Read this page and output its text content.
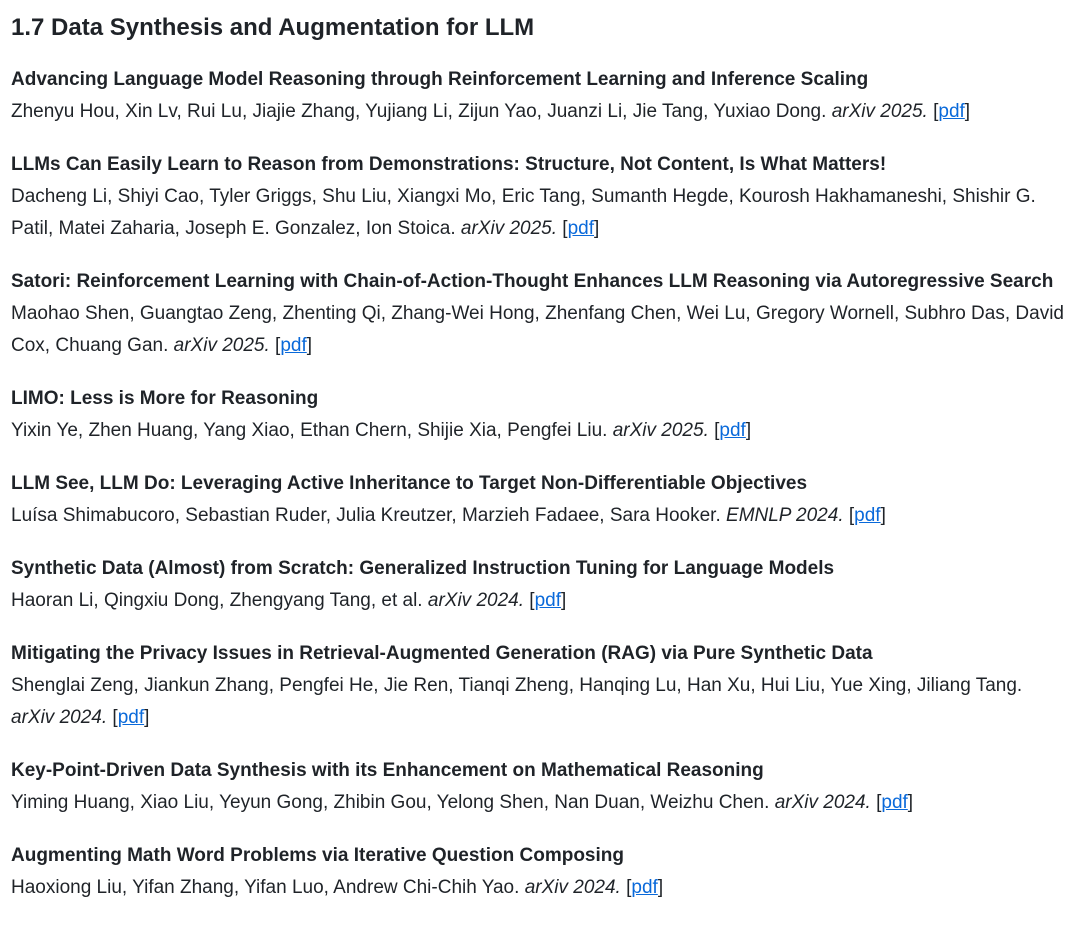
1.7 Data Synthesis and Augmentation for LLM
Advancing Language Model Reasoning through Reinforcement Learning and Inference Scaling
Zhenyu Hou, Xin Lv, Rui Lu, Jiajie Zhang, Yujiang Li, Zijun Yao, Juanzi Li, Jie Tang, Yuxiao Dong. arXiv 2025. [pdf]
LLMs Can Easily Learn to Reason from Demonstrations: Structure, Not Content, Is What Matters!
Dacheng Li, Shiyi Cao, Tyler Griggs, Shu Liu, Xiangxi Mo, Eric Tang, Sumanth Hegde, Kourosh Hakhamaneshi, Shishir G. Patil, Matei Zaharia, Joseph E. Gonzalez, Ion Stoica. arXiv 2025. [pdf]
Satori: Reinforcement Learning with Chain-of-Action-Thought Enhances LLM Reasoning via Autoregressive Search
Maohao Shen, Guangtao Zeng, Zhenting Qi, Zhang-Wei Hong, Zhenfang Chen, Wei Lu, Gregory Wornell, Subhro Das, David Cox, Chuang Gan. arXiv 2025. [pdf]
LIMO: Less is More for Reasoning
Yixin Ye, Zhen Huang, Yang Xiao, Ethan Chern, Shijie Xia, Pengfei Liu. arXiv 2025. [pdf]
LLM See, LLM Do: Leveraging Active Inheritance to Target Non-Differentiable Objectives
Luísa Shimabucoro, Sebastian Ruder, Julia Kreutzer, Marzieh Fadaee, Sara Hooker. EMNLP 2024. [pdf]
Synthetic Data (Almost) from Scratch: Generalized Instruction Tuning for Language Models
Haoran Li, Qingxiu Dong, Zhengyang Tang, et al. arXiv 2024. [pdf]
Mitigating the Privacy Issues in Retrieval-Augmented Generation (RAG) via Pure Synthetic Data
Shenglai Zeng, Jiankun Zhang, Pengfei He, Jie Ren, Tianqi Zheng, Hanqing Lu, Han Xu, Hui Liu, Yue Xing, Jiliang Tang. arXiv 2024. [pdf]
Key-Point-Driven Data Synthesis with its Enhancement on Mathematical Reasoning
Yiming Huang, Xiao Liu, Yeyun Gong, Zhibin Gou, Yelong Shen, Nan Duan, Weizhu Chen. arXiv 2024. [pdf]
Augmenting Math Word Problems via Iterative Question Composing
Haoxiong Liu, Yifan Zhang, Yifan Luo, Andrew Chi-Chih Yao. arXiv 2024. [pdf]
